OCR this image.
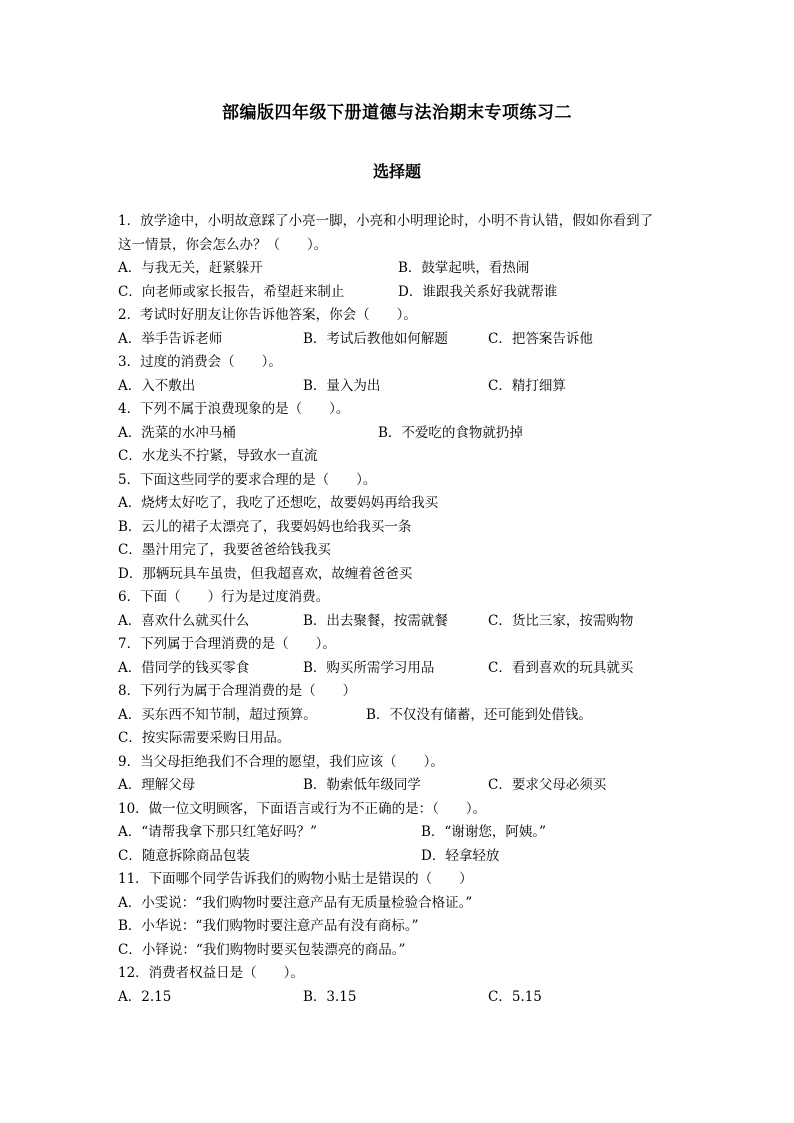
部编版四年级下册道德与法治期末专项练习二
选择题
1．放学途中，小明故意踩了小亮一脚，小亮和小明理论时，小明不肯认错，假如你看到了
这一情景，你会怎么办？（　　）。
A．与我无关，赶紧躲开	B．鼓掌起哄，看热闹
C．向老师或家长报告，希望赶来制止	D．谁跟我关系好我就帮谁
2．考试时好朋友让你告诉他答案，你会（　　）。
A．举手告诉老师	B．考试后教他如何解题	C．把答案告诉他
3．过度的消费会（　　）。
A．入不敷出	B．量入为出	C．精打细算
4．下列不属于浪费现象的是（　　）。
A．洗菜的水冲马桶	B．不爱吃的食物就扔掉
C．水龙头不拧紧，导致水一直流
5．下面这些同学的要求合理的是（　　）。
A．烧烤太好吃了，我吃了还想吃，故要妈妈再给我买
B．云儿的裙子太漂亮了，我要妈妈也给我买一条
C．墨汁用完了，我要爸爸给钱我买
D．那辆玩具车虽贵，但我超喜欢，故缠着爸爸买
6．下面（　　）行为是过度消费。
A．喜欢什么就买什么	B．出去聚餐，按需就餐	C．货比三家，按需购物
7．下列属于合理消费的是（　　）。
A．借同学的钱买零食	B．购买所需学习用品	C．看到喜欢的玩具就买
8．下列行为属于合理消费的是（　　）
A．买东西不知节制，超过预算。	B．不仅没有储蓄，还可能到处借钱。
C．按实际需要采购日用品。
9．当父母拒绝我们不合理的愿望，我们应该（　　）。
A．理解父母	B．勒索低年级同学	C．要求父母必须买
10．做一位文明顾客，下面语言或行为不正确的是：（　　）。
A．“请帮我拿下那只红笔好吗？”	B．“谢谢您，阿姨。”
C．随意拆除商品包装	D．轻拿轻放
11．下面哪个同学告诉我们的购物小贴士是错误的（　　）
A．小雯说：“我们购物时要注意产品有无质量检验合格证。”
B．小华说：“我们购物时要注意产品有没有商标。”
C．小铎说：“我们购物时要买包装漂亮的商品。”
12．消费者权益日是（　　）。
A．2.15	B．3.15	C．5.15
